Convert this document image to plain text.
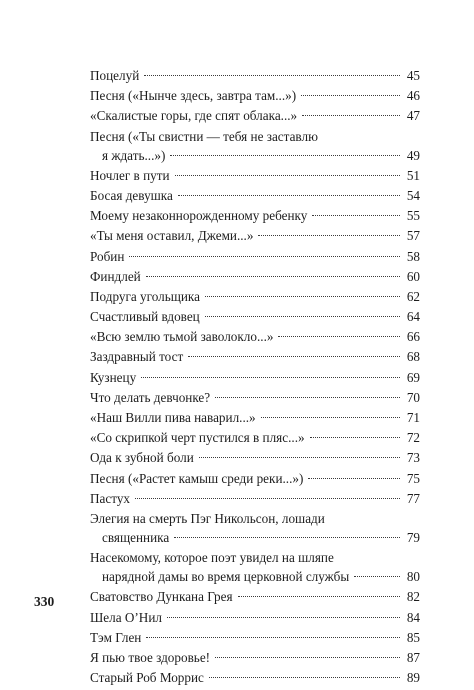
Поцелуй	45
Песня («Нынче здесь, завтра там...»)	46
«Скалистые горы, где спят облака...»	47
Песня («Ты свистни — тебя не заставлю
я ждать...»)	49
Ночлег в пути	51
Босая девушка	54
Моему незаконнорожденному ребенку	55
«Ты меня оставил, Джеми...»	57
Робин	58
Финдлей	60
Подруга угольщика	62
Счастливый вдовец	64
«Всю землю тьмой заволокло...»	66
Заздравный тост	68
Кузнецу	69
Что делать девчонке?	70
«Наш Вилли пива наварил...»	71
«Со скрипкой черт пустился в пляс...»	72
Ода к зубной боли	73
Песня («Растет камыш среди реки...»)	75
Пастух	77
Элегия на смерть Пэг Никольсон, лошади
священника	79
Насекомому, которое поэт увидел на шляпе
нарядной дамы во время церковной службы	80
Сватовство Дункана Грея	82
Шела О’Нил	84
Тэм Глен	85
Я пью твое здоровье!	87
Старый Роб Моррис	89
330
